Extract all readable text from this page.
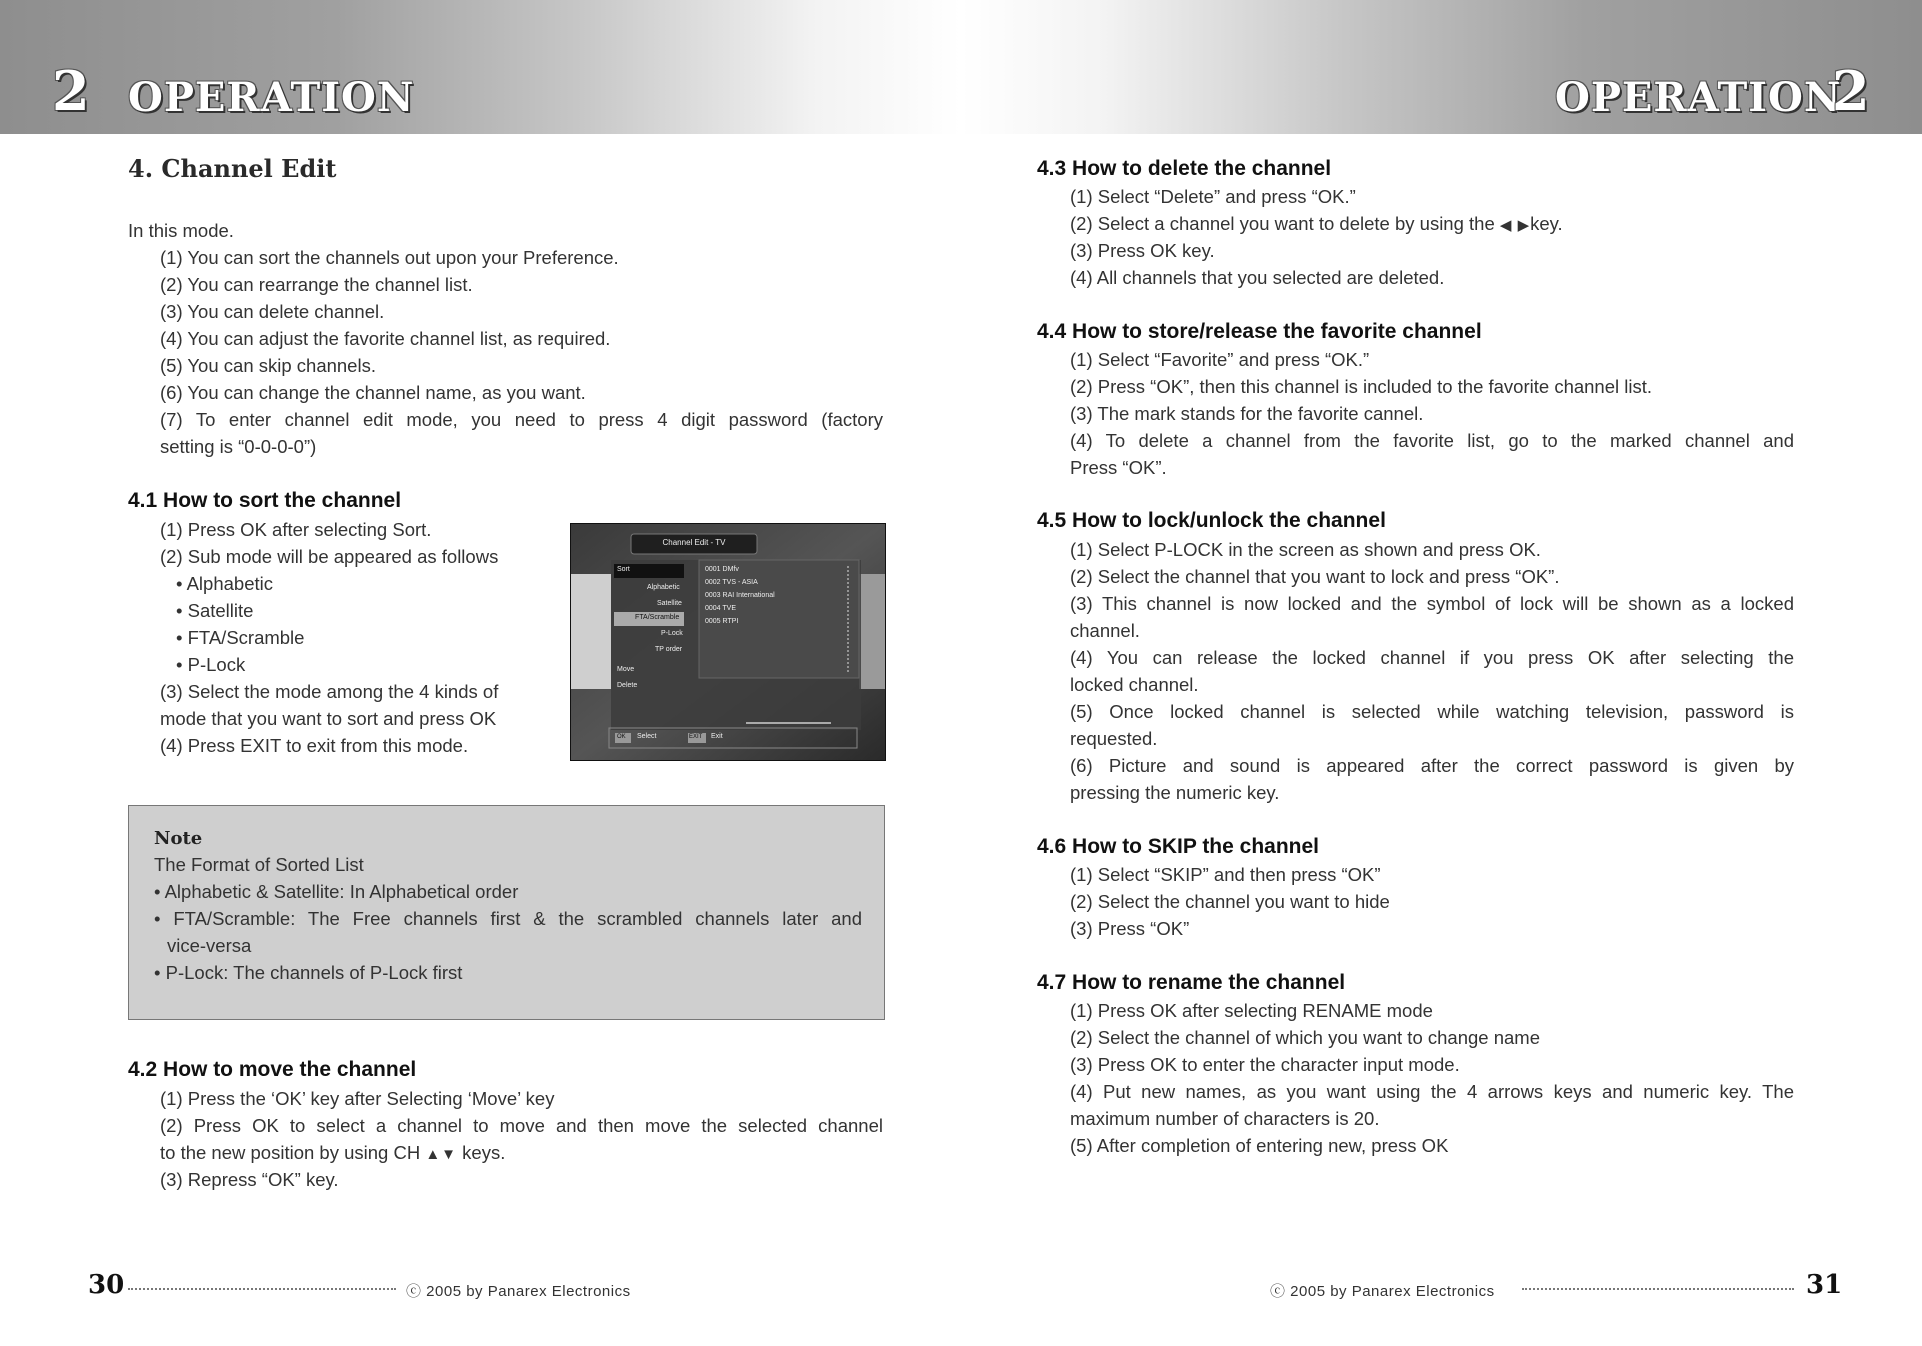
2 OPERATION	OPERATION
2
4. Channel Edit
In this mode.
(1) You can sort the channels out upon your Preference.
(2) You can rearrange the channel list.
(3) You can delete channel.
(4) You can adjust the favorite channel list, as required.
(5) You can skip channels.
(6) You can change the channel name, as you want.
(7) To enter channel edit mode, you need to press 4 digit password (factory
setting is “0-0-0-0”)
4.1 How to sort the channel
(1) Press OK after selecting Sort.
(2) Sub mode will be appeared as follows
• Alphabetic
• Satellite
• FTA/Scramble
• P-Lock
(3) Select the mode among the 4 kinds of
mode that you want to sort and press OK
(4) Press EXIT to exit from this mode.
Channel Edit - TV
Sort
Alphabetic
Satellite
FTA/Scramble
P-Lock
TP order
Move
Delete
0001 DMfv
0002 TVS - ASIA
0003 RAI International
0004 TVE
0005 RTPI
OK Select	EXIT Exit
Note
The Format of Sorted List
• Alphabetic & Satellite: In Alphabetical order
• FTA/Scramble: The Free channels first & the scrambled channels later and
vice-versa
• P-Lock: The channels of P-Lock first
4.2 How to move the channel
(1) Press the ‘OK’ key after Selecting ‘Move’ key
(2) Press OK to select a channel to move and then move the selected channel
to the new position by using CH ▲▼ keys.
(3) Repress “OK” key.
30	ⓒ 2005 by Panarex Electronics
4.3 How to delete the channel
(1) Select “Delete” and press “OK.”
(2) Select a channel you want to delete by using the ◀ ▶key.
(3) Press OK key.
(4) All channels that you selected are deleted.
4.4 How to store/release the favorite channel
(1) Select “Favorite” and press “OK.”
(2) Press “OK”, then this channel is included to the favorite channel list.
(3) The mark stands for the favorite cannel.
(4) To delete a channel from the favorite list, go to the marked channel and
Press “OK”.
4.5 How to lock/unlock the channel
(1) Select P-LOCK in the screen as shown and press OK.
(2) Select the channel that you want to lock and press “OK”.
(3) This channel is now locked and the symbol of lock will be shown as a locked
channel.
(4) You can release the locked channel if you press OK after selecting the
locked channel.
(5) Once locked channel is selected while watching television, password is
requested.
(6) Picture and sound is appeared after the correct password is given by
pressing the numeric key.
4.6 How to SKIP the channel
(1) Select “SKIP” and then press “OK”
(2) Select the channel you want to hide
(3) Press “OK”
4.7 How to rename the channel
(1) Press OK after selecting RENAME mode
(2) Select the channel of which you want to change name
(3) Press OK to enter the character input mode.
(4) Put new names, as you want using the 4 arrows keys and numeric key. The
maximum number of characters is 20.
(5) After completion of entering new, press OK
ⓒ 2005 by Panarex Electronics	31
